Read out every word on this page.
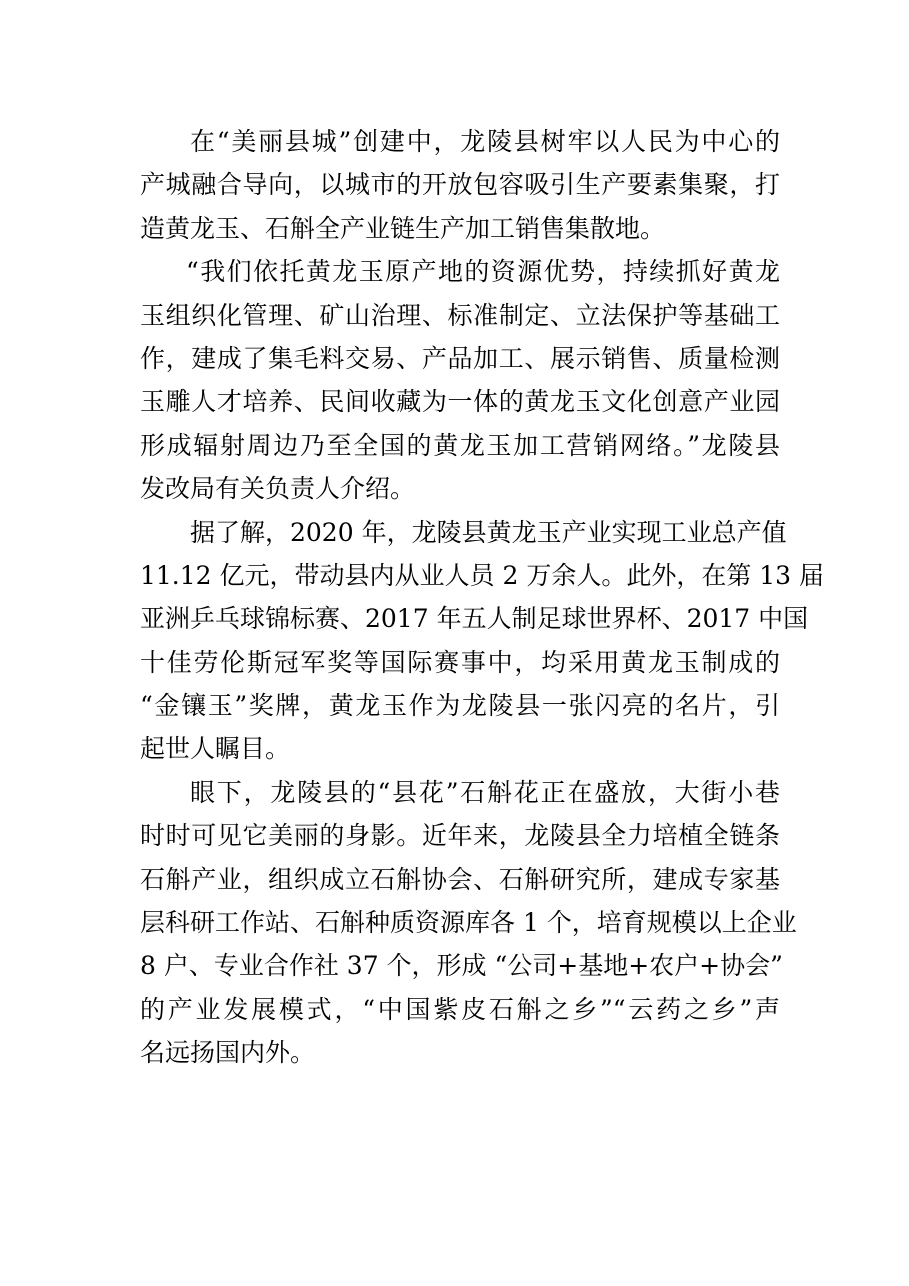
在“美丽县城”创建中，龙陵县树牢以人民为中心的
产城融合导向，以城市的开放包容吸引生产要素集聚，打
造黄龙玉、石斛全产业链生产加工销售集散地。
“我们依托黄龙玉原产地的资源优势，持续抓好黄龙
玉组织化管理、矿山治理、标准制定、立法保护等基础工
作，建成了集毛料交易、产品加工、展示销售、质量检测
玉雕人才培养、民间收藏为一体的黄龙玉文化创意产业园
形成辐射周边乃至全国的黄龙玉加工营销网络。”龙陵县
发改局有关负责人介绍。
据了解，2020 年，龙陵县黄龙玉产业实现工业总产值
11.12 亿元，带动县内从业人员 2 万余人。此外，在第 13 届
亚洲乒乓球锦标赛、2017 年五人制足球世界杯、2017 中国
十佳劳伦斯冠军奖等国际赛事中，均采用黄龙玉制成的
“金镶玉”奖牌，黄龙玉作为龙陵县一张闪亮的名片，引
起世人瞩目。
眼下，龙陵县的“县花”石斛花正在盛放，大街小巷
时时可见它美丽的身影。近年来，龙陵县全力培植全链条
石斛产业，组织成立石斛协会、石斛研究所，建成专家基
层科研工作站、石斛种质资源库各 1 个，培育规模以上企业
8 户、专业合作社 37 个，形成 “公司+基地+农户+协会”
的产业发展模式，“中国紫皮石斛之乡”“云药之乡”声
名远扬国内外。
